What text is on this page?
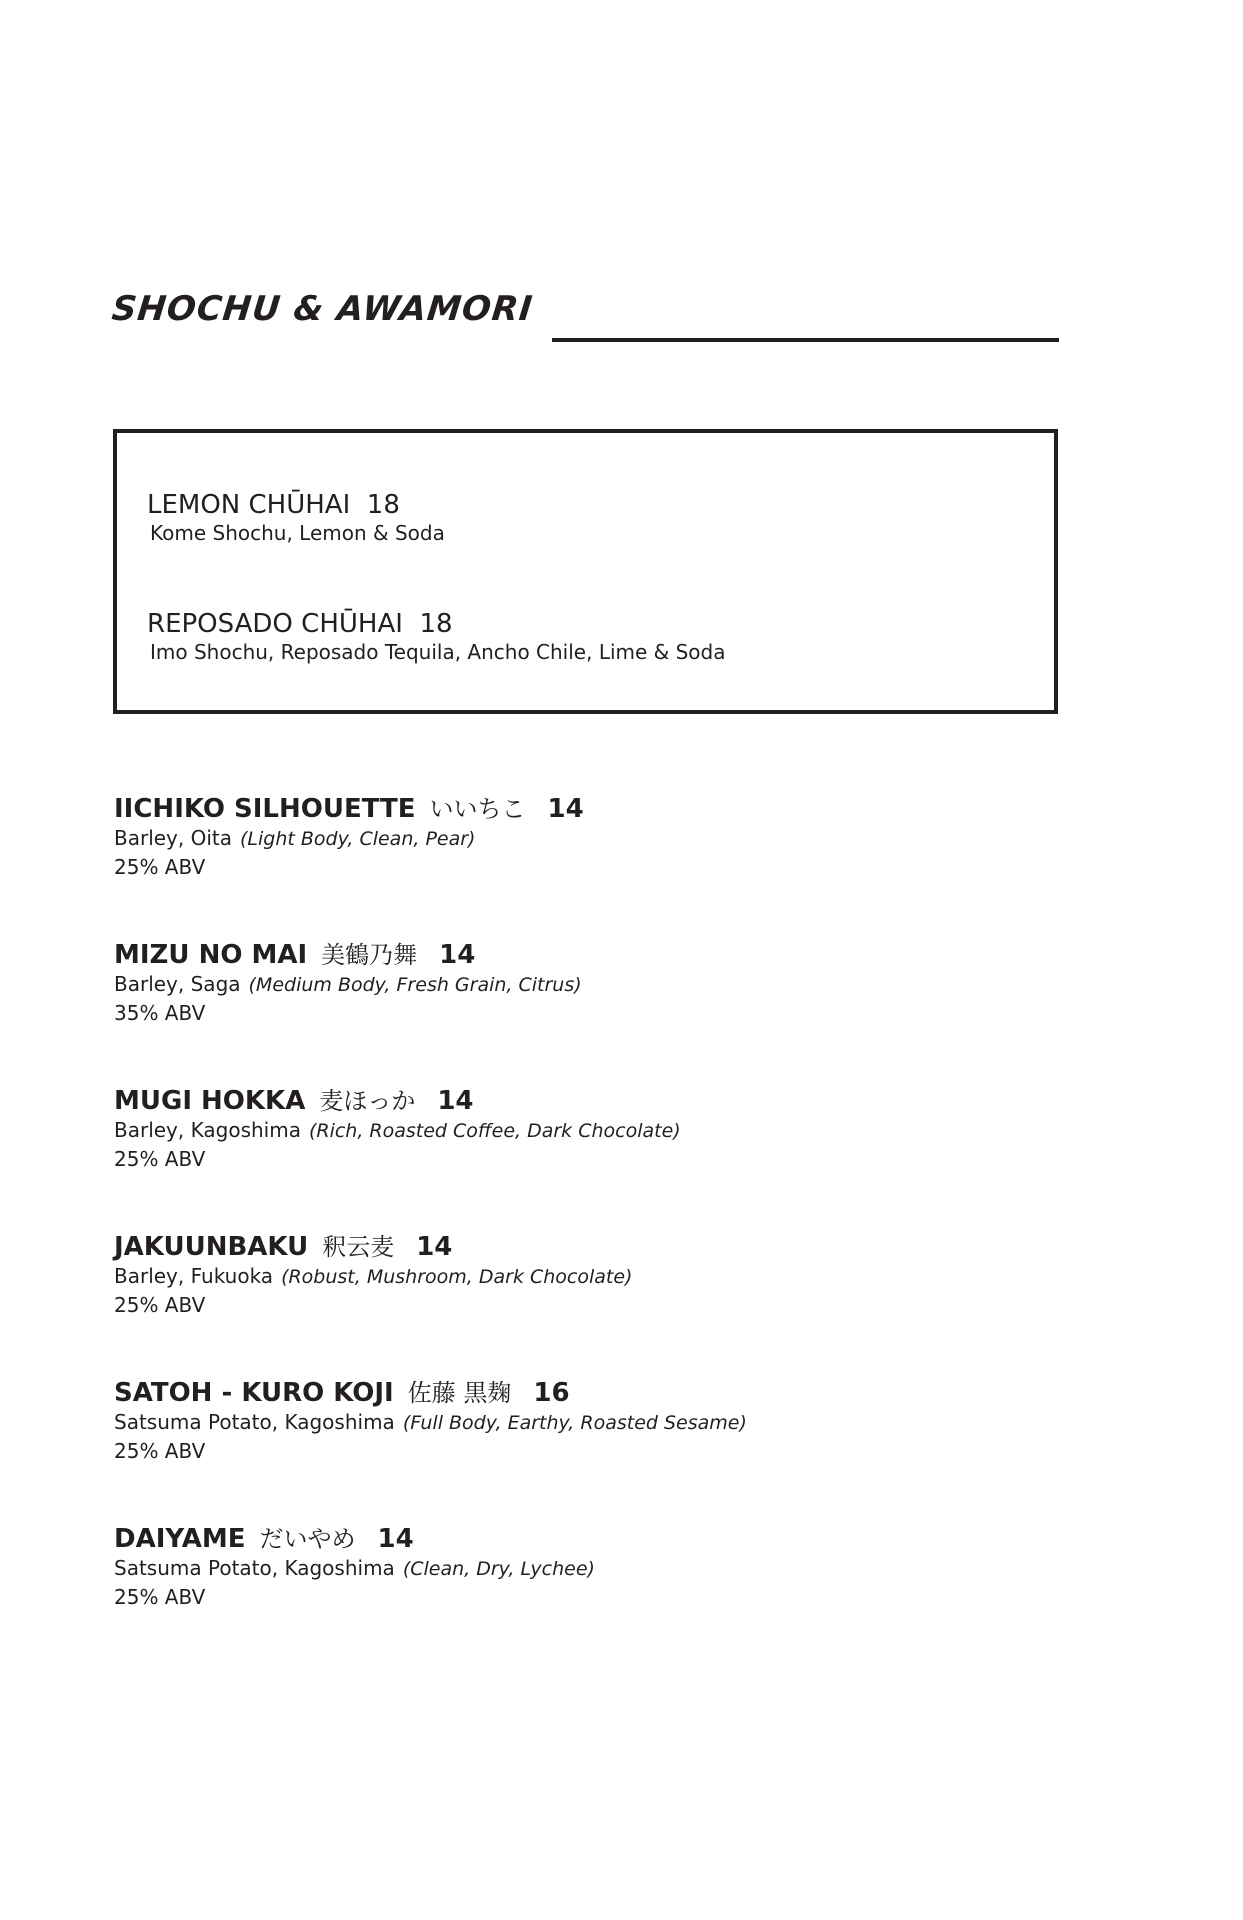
SHOCHU & AWAMORI
LEMON CHŪHAI 18
Kome Shochu, Lemon & Soda
REPOSADO CHŪHAI 18
Imo Shochu, Reposado Tequila, Ancho Chile, Lime & Soda
IICHIKO SILHOUETTE いいちこ 14
Barley, Oita (Light Body, Clean, Pear)
25% ABV
MIZU NO MAI 美鶴乃舞 14
Barley, Saga (Medium Body, Fresh Grain, Citrus)
35% ABV
MUGI HOKKA 麦ほっか 14
Barley, Kagoshima (Rich, Roasted Coffee, Dark Chocolate)
25% ABV
JAKUUNBAKU 釈云麦 14
Barley, Fukuoka (Robust, Mushroom, Dark Chocolate)
25% ABV
SATOH - KURO KOJI 佐藤 黒麹 16
Satsuma Potato, Kagoshima (Full Body, Earthy, Roasted Sesame)
25% ABV
DAIYAME だいやめ 14
Satsuma Potato, Kagoshima (Clean, Dry, Lychee)
25% ABV
